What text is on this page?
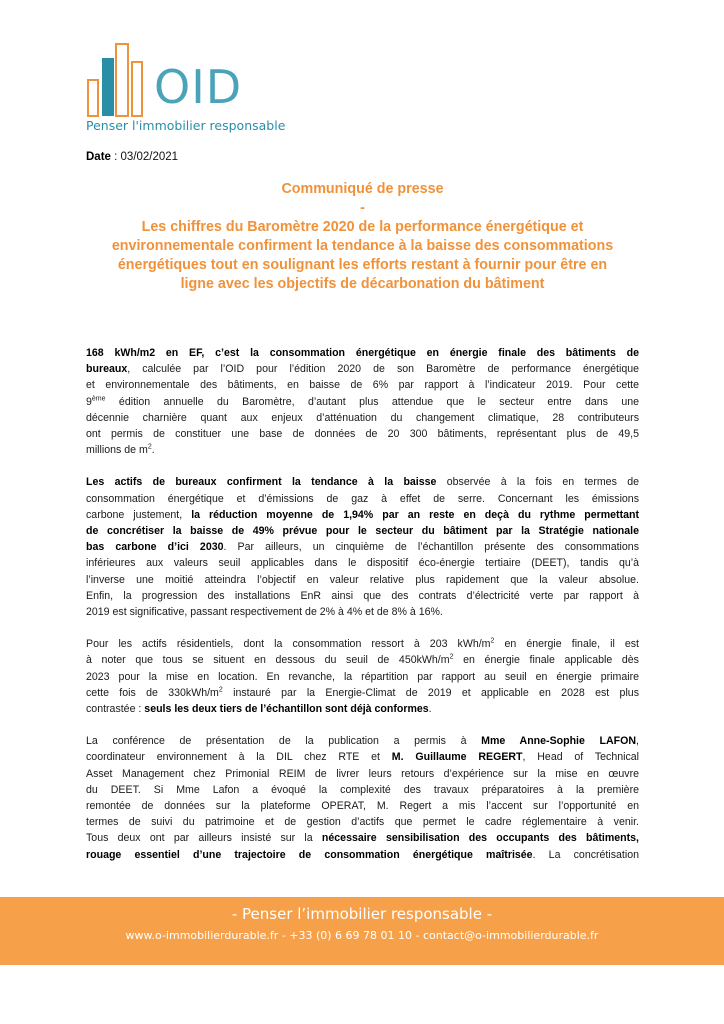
OID
Penser l'immobilier responsable
Date : 03/02/2021
Communiqué de presse
-
Les chiffres du Baromètre 2020 de la performance énergétique et
environnementale confirment la tendance à la baisse des consommations
énergétiques tout en soulignant les efforts restant à fournir pour être en
ligne avec les objectifs de décarbonation du bâtiment
168 kWh/m2 en EF, c’est la consommation énergétique en énergie finale des bâtiments de
bureaux, calculée par l’OID pour l’édition 2020 de son Baromètre de performance énergétique
et environnementale des bâtiments, en baisse de 6% par rapport à l’indicateur 2019. Pour cette
9ème édition annuelle du Baromètre, d’autant plus attendue que le secteur entre dans une
décennie charnière quant aux enjeux d’atténuation du changement climatique, 28 contributeurs
ont permis de constituer une base de données de 20 300 bâtiments, représentant plus de 49,5
millions de $m^2$.
Les actifs de bureaux confirment la tendance à la baisse observée à la fois en termes de
consommation énergétique et d’émissions de gaz à effet de serre. Concernant les émissions
carbone justement, la réduction moyenne de 1,94% par an reste en deçà du rythme permettant
de concrétiser la baisse de 49% prévue pour le secteur du bâtiment par la Stratégie nationale
bas carbone d’ici 2030. Par ailleurs, un cinquième de l’échantillon présente des consommations
inférieures aux valeurs seuil applicables dans le dispositif éco-énergie tertiaire (DEET), tandis qu’à
l’inverse une moitié atteindra l’objectif en valeur relative plus rapidement que la valeur absolue.
Enfin, la progression des installations EnR ainsi que des contrats d’électricité verte par rapport à
2019 est significative, passant respectivement de 2% à 4% et de 8% à 16%.
Pour les actifs résidentiels, dont la consommation ressort à 203 kWh/$m^2$ en énergie finale, il est
à noter que tous se situent en dessous du seuil de $450kWh/m^2$ en énergie finale applicable dès
2023 pour la mise en location. En revanche, la répartition par rapport au seuil en énergie primaire
cette fois de $330kWh/m^2$ instauré par la Energie-Climat de 2019 et applicable en 2028 est plus
contrastée : seuls les deux tiers de l’échantillon sont déjà conformes.
La conférence de présentation de la publication a permis à Mme Anne-Sophie LAFON,
coordinateur environnement à la DIL chez RTE et M. Guillaume REGERT, Head of Technical
Asset Management chez Primonial REIM de livrer leurs retours d’expérience sur la mise en œuvre
du DEET. Si Mme Lafon a évoqué la complexité des travaux préparatoires à la première
remontée de données sur la plateforme OPERAT, M. Regert a mis l’accent sur l’opportunité en
termes de suivi du patrimoine et de gestion d’actifs que permet le cadre réglementaire à venir.
Tous deux ont par ailleurs insisté sur la nécessaire sensibilisation des occupants des bâtiments,
rouage essentiel d’une trajectoire de consommation énergétique maîtrisée. La concrétisation
- Penser l’immobilier responsable -
www.o-immobilierdurable.fr - +33 (0) 6 69 78 01 10 - contact@o-immobilierdurable.fr
